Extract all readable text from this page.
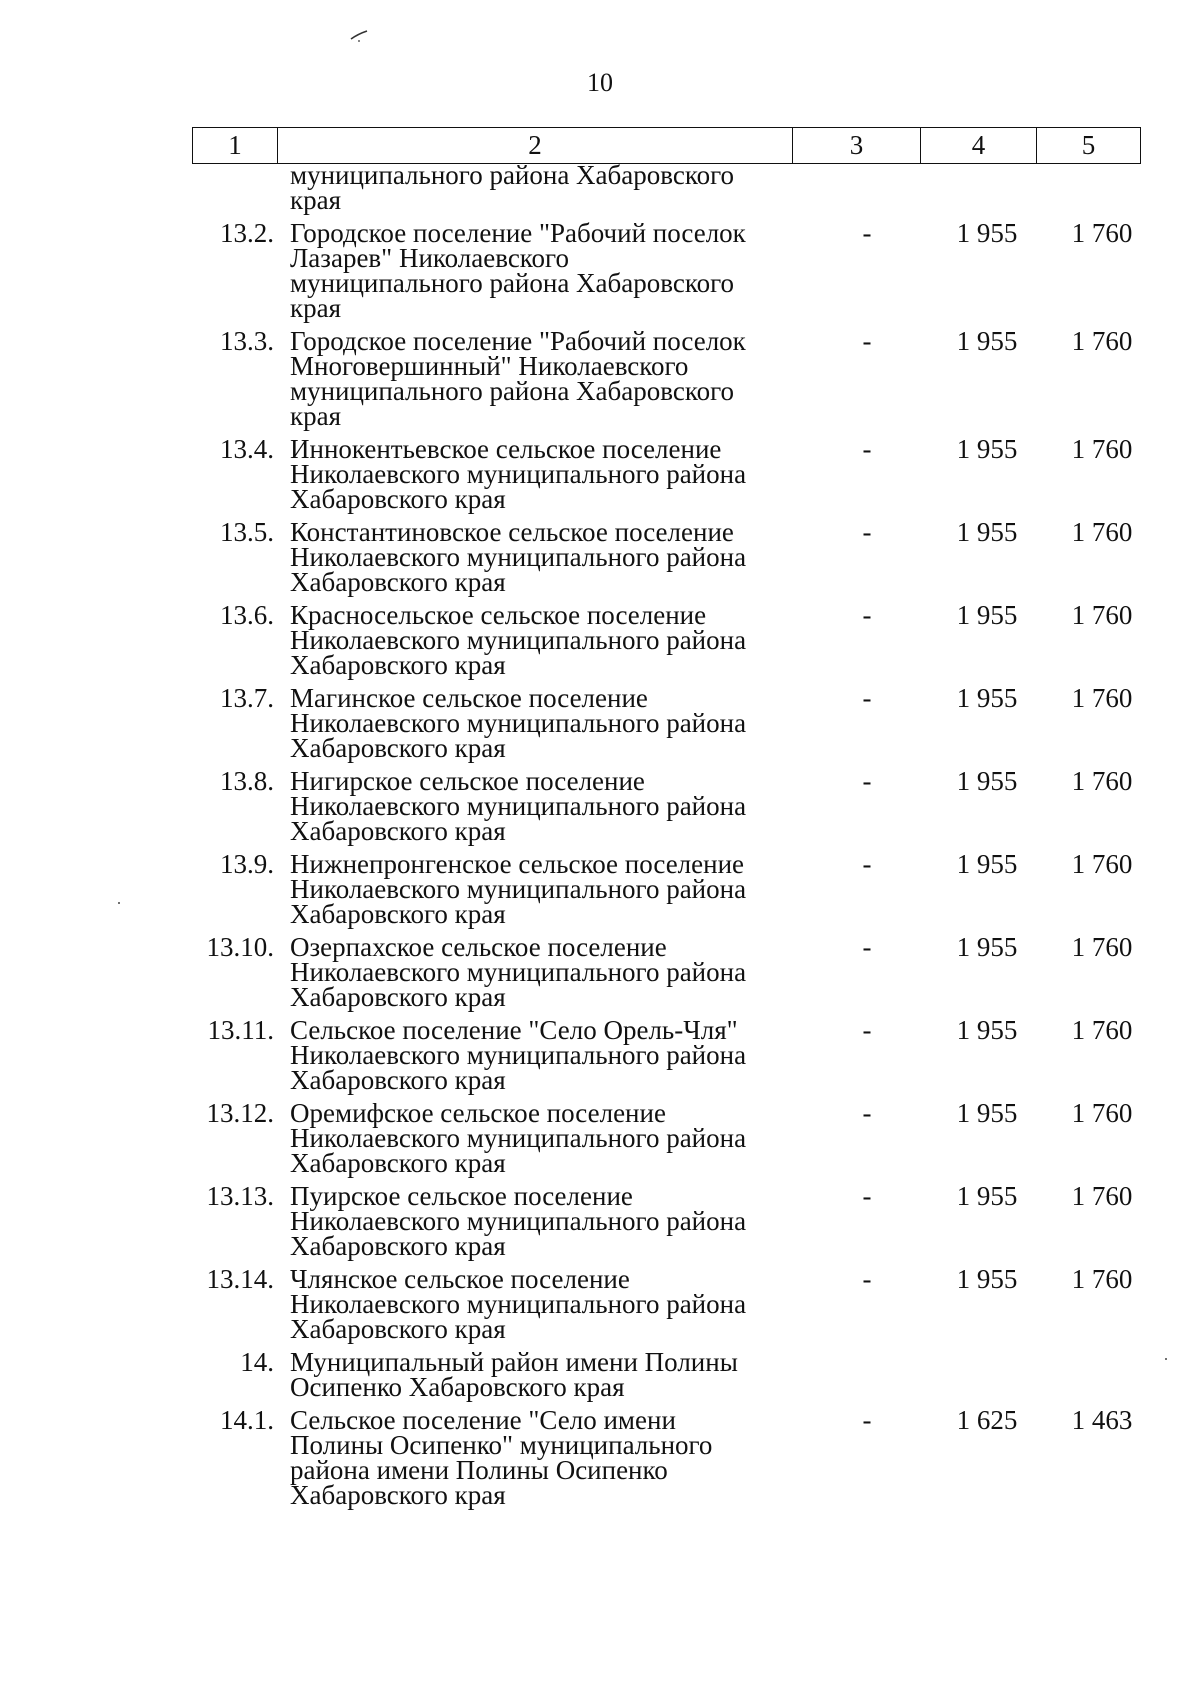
10
1	2	3	4	5
муниципального района Хабаровского
края
13.2. Городское поселение "Рабочий поселок
Лазарев" Николаевского
муниципального района Хабаровского
края
-	1 955	1 760
13.3. Городское поселение "Рабочий поселок
Многовершинный" Николаевского
муниципального района Хабаровского
края
-	1 955	1 760
13.4. Иннокентьевское сельское поселение
Николаевского муниципального района
Хабаровского края
-	1 955	1 760
13.5. Константиновское сельское поселение
Николаевского муниципального района
Хабаровского края
-	1 955	1 760
13.6. Красносельское сельское поселение
Николаевского муниципального района
Хабаровского края
-	1 955	1 760
13.7. Магинское сельское поселение
Николаевского муниципального района
Хабаровского края
-	1 955	1 760
13.8. Нигирское сельское поселение
Николаевского муниципального района
Хабаровского края
-	1 955	1 760
13.9. Нижнепронгенское сельское поселение
Николаевского муниципального района
Хабаровского края
-	1 955	1 760
13.10. Озерпахское сельское поселение
Николаевского муниципального района
Хабаровского края
-	1 955	1 760
13.11. Сельское поселение "Село Орель-Чля"
Николаевского муниципального района
Хабаровского края
-	1 955	1 760
13.12. Оремифское сельское поселение
Николаевского муниципального района
Хабаровского края
-	1 955	1 760
13.13. Пуирское сельское поселение
Николаевского муниципального района
Хабаровского края
-	1 955	1 760
13.14. Члянское сельское поселение
Николаевского муниципального района
Хабаровского края
-	1 955	1 760
14. Муниципальный район имени Полины
Осипенко Хабаровского края
14.1. Сельское поселение "Село имени
Полины Осипенко" муниципального
района имени Полины Осипенко
Хабаровского края
-	1 625	1 463
